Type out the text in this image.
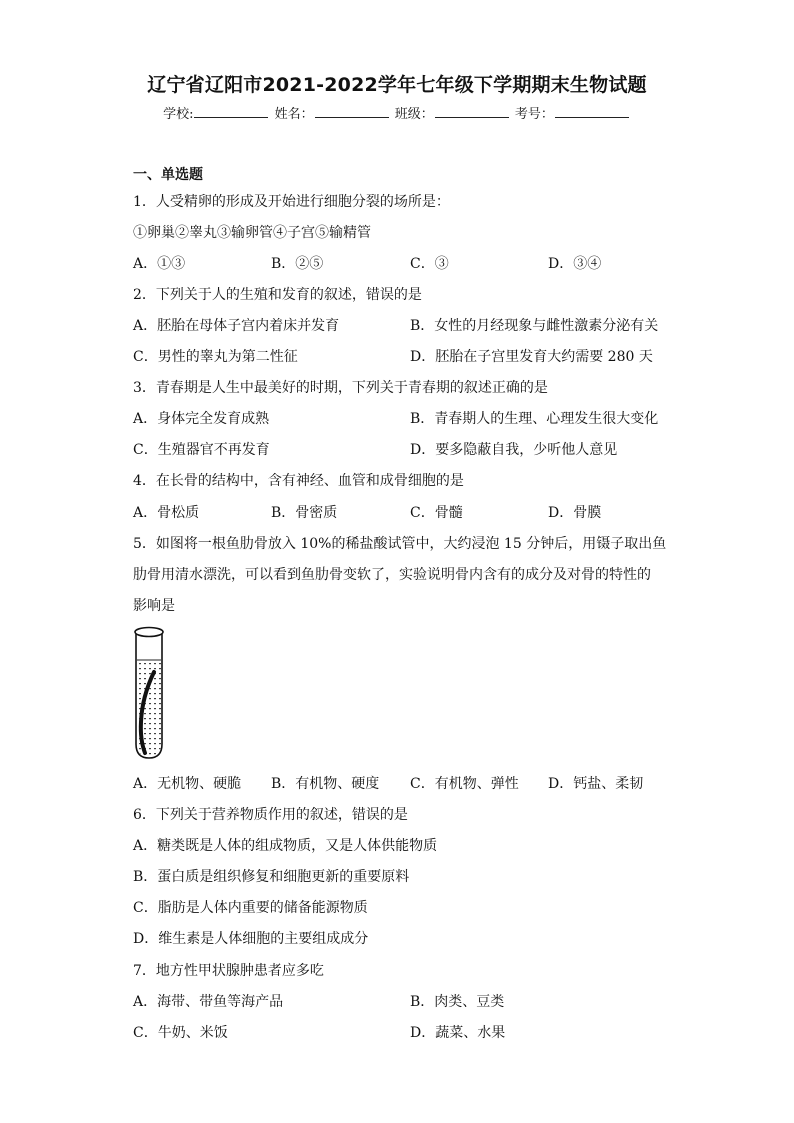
辽宁省辽阳市2021-2022学年七年级下学期期末生物试题
学校:	姓名：	班级：	考号：
一、单选题
1．人受精卵的形成及开始进行细胞分裂的场所是：
①卵巢②睾丸③输卵管④子宫⑤输精管
A．①③	B．②⑤	C．③	D．③④
2．下列关于人的生殖和发育的叙述，错误的是
A．胚胎在母体子宫内着床并发育	B．女性的月经现象与雌性激素分泌有关
C．男性的睾丸为第二性征	D．胚胎在子宫里发育大约需要 280 天
3．青春期是人生中最美好的时期，下列关于青春期的叙述正确的是
A．身体完全发育成熟	B．青春期人的生理、心理发生很大变化
C．生殖器官不再发育	D．要多隐蔽自我，少听他人意见
4．在长骨的结构中，含有神经、血管和成骨细胞的是
A．骨松质	B．骨密质	C．骨髓	D．骨膜
5．如图将一根鱼肋骨放入 10%的稀盐酸试管中，大约浸泡 15 分钟后，用镊子取出鱼
肋骨用清水漂洗，可以看到鱼肋骨变软了，实验说明骨内含有的成分及对骨的特性的
影响是
A．无机物、硬脆 B．有机物、硬度 C．有机物、弹性 D．钙盐、柔韧
6．下列关于营养物质作用的叙述，错误的是
A．糖类既是人体的组成物质，又是人体供能物质
B．蛋白质是组织修复和细胞更新的重要原料
C．脂肪是人体内重要的储备能源物质
D．维生素是人体细胞的主要组成成分
7．地方性甲状腺肿患者应多吃
A．海带、带鱼等海产品	B．肉类、豆类
C．牛奶、米饭	D．蔬菜、水果
